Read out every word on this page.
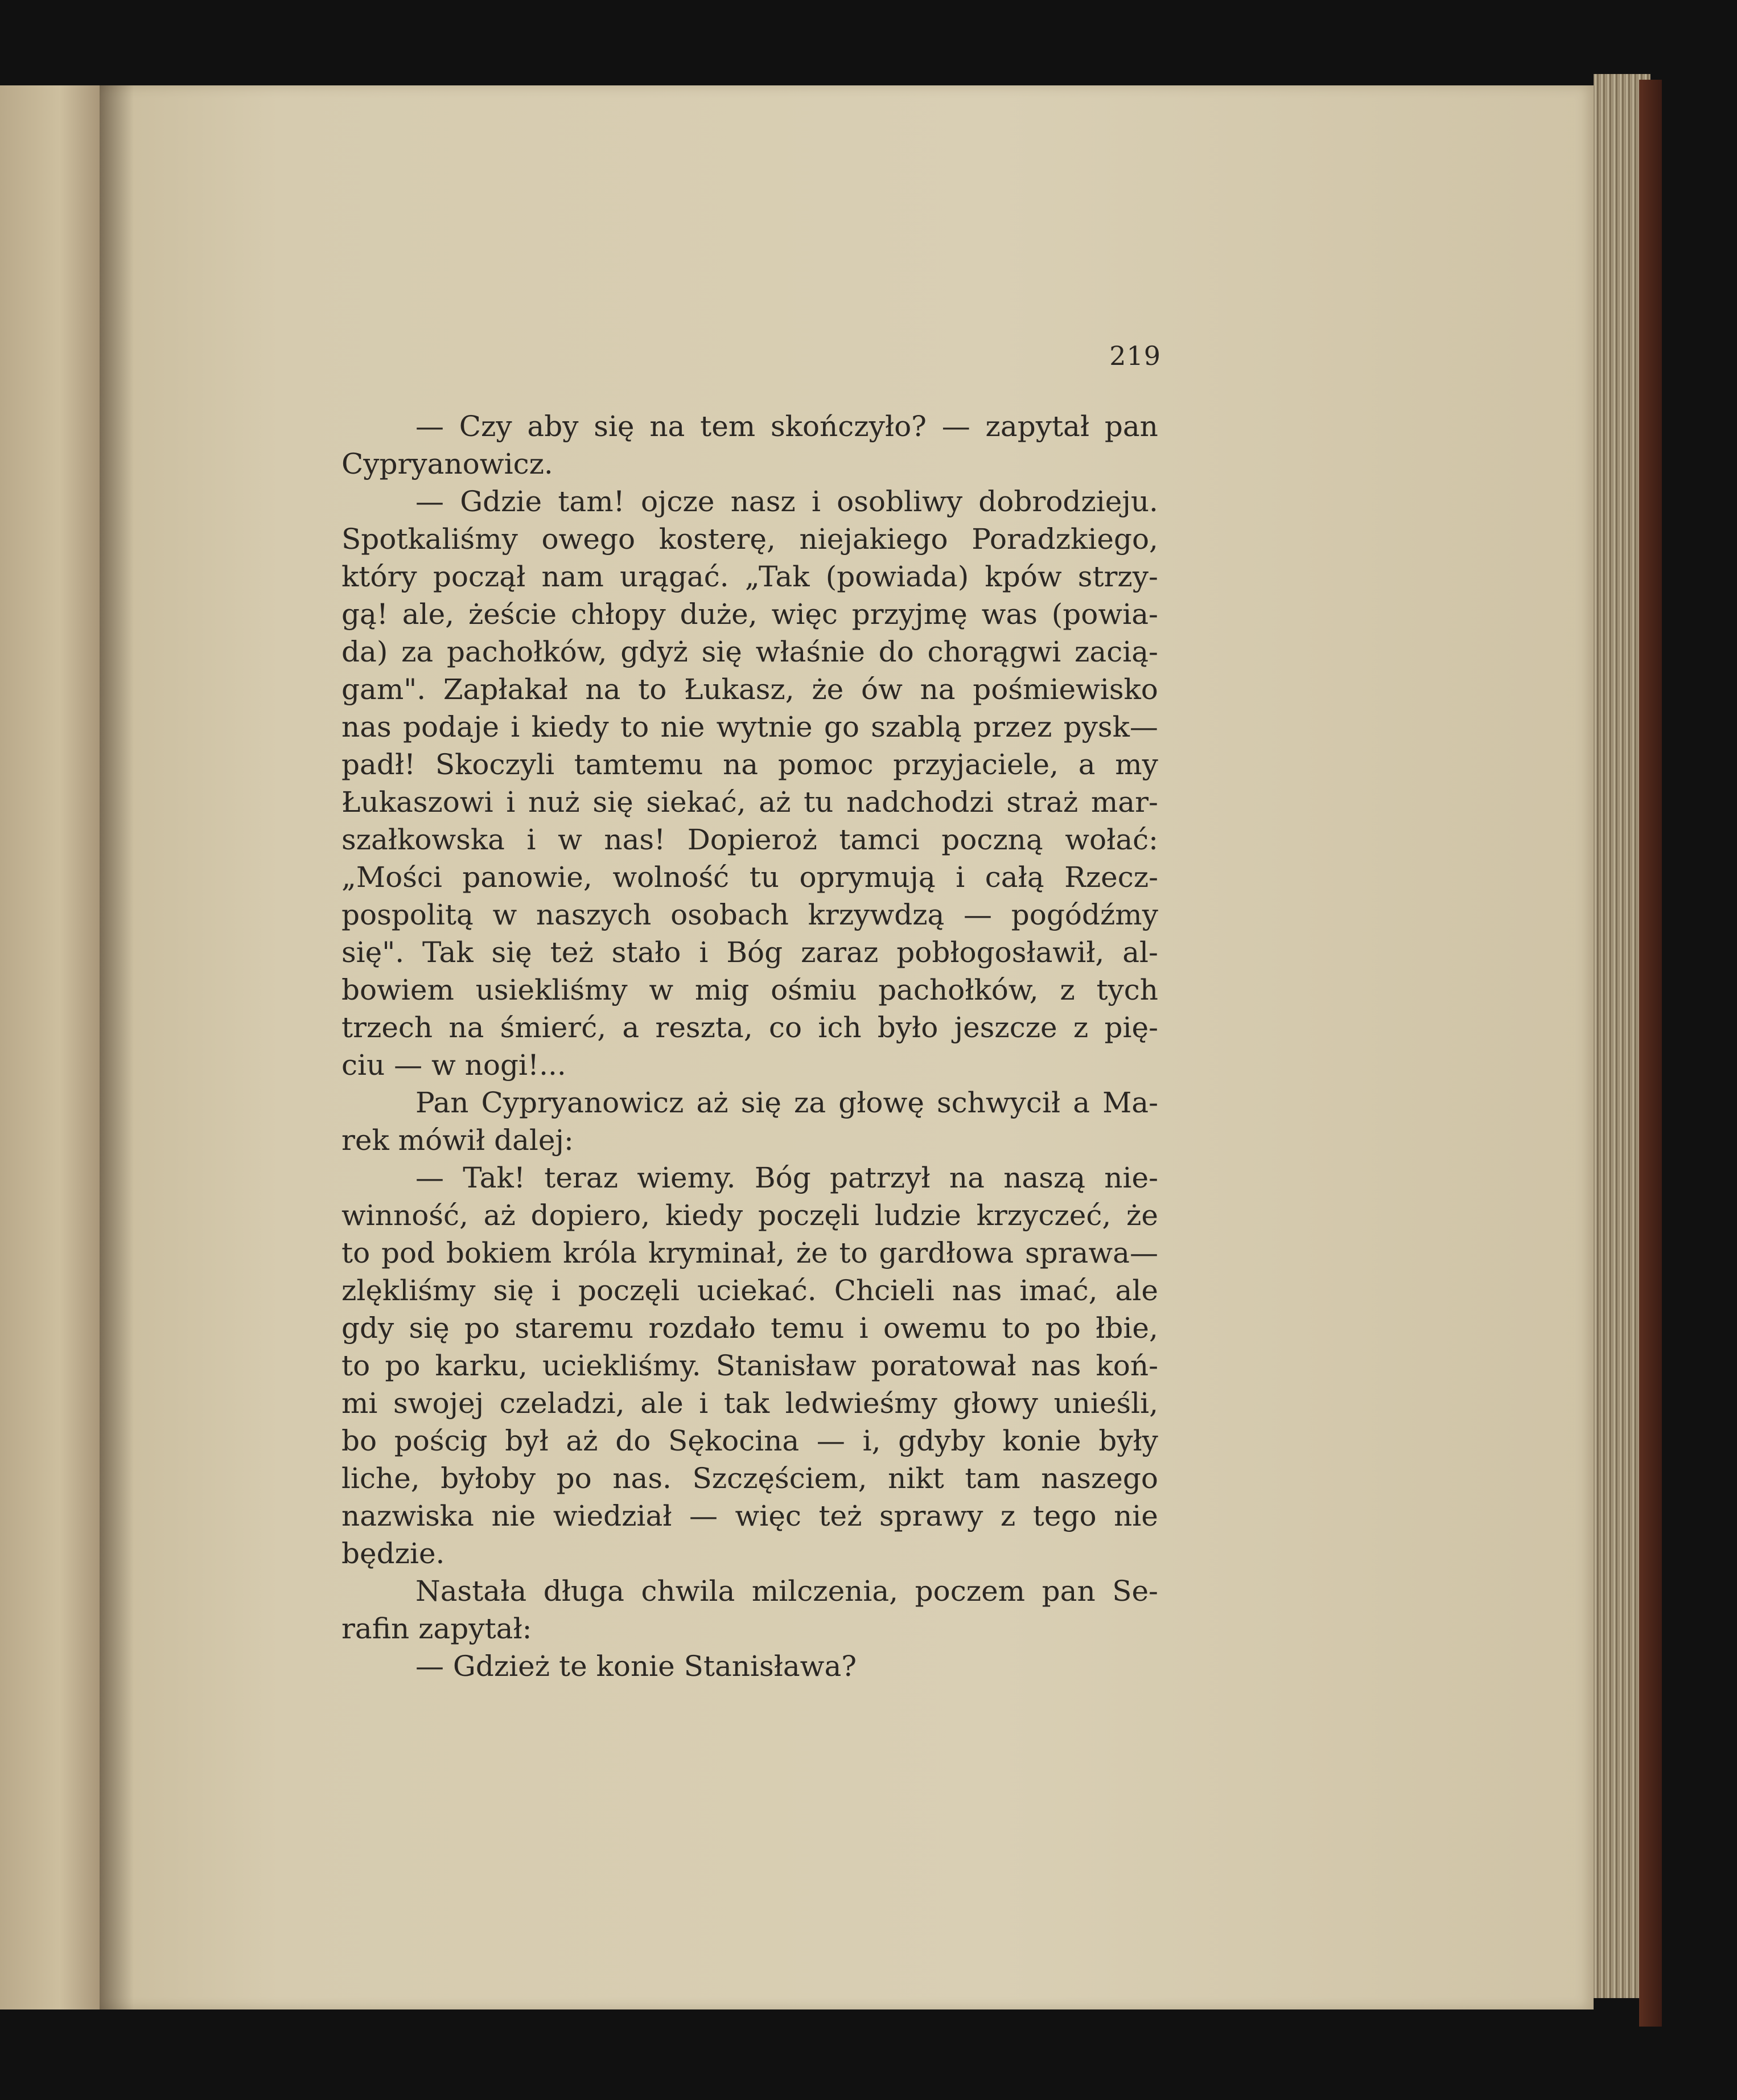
219
— Czy aby się na tem skończyło? — zapytał pan
Cypryanowicz.
— Gdzie tam! ojcze nasz i osobliwy dobrodzieju.
Spotkaliśmy owego kosterę, niejakiego Poradzkiego,
który począł nam urągać. „Tak (powiada) kpów strzy-
gą! ale, żeście chłopy duże, więc przyjmę was (powia-
da) za pachołków, gdyż się właśnie do chorągwi zacią-
gam". Zapłakał na to Łukasz, że ów na pośmiewisko
nas podaje i kiedy to nie wytnie go szablą przez pysk—
padł! Skoczyli tamtemu na pomoc przyjaciele, a my
Łukaszowi i nuż się siekać, aż tu nadchodzi straż mar-
szałkowska i w nas! Dopieroż tamci poczną wołać:
„Mości panowie, wolność tu oprymują i całą Rzecz-
pospolitą w naszych osobach krzywdzą — pogódźmy
się". Tak się też stało i Bóg zaraz pobłogosławił, al-
bowiem usiekliśmy w mig ośmiu pachołków, z tych
trzech na śmierć, a reszta, co ich było jeszcze z pię-
ciu — w nogi!...
Pan Cypryanowicz aż się za głowę schwycił a Ma-
rek mówił dalej:
— Tak! teraz wiemy. Bóg patrzył na naszą nie-
winność, aż dopiero, kiedy poczęli ludzie krzyczeć, że
to pod bokiem króla kryminał, że to gardłowa sprawa—
zlękliśmy się i poczęli uciekać. Chcieli nas imać, ale
gdy się po staremu rozdało temu i owemu to po łbie,
to po karku, uciekliśmy. Stanisław poratował nas koń-
mi swojej czeladzi, ale i tak ledwieśmy głowy unieśli,
bo pościg był aż do Sękocina — i, gdyby konie były
liche, byłoby po nas. Szczęściem, nikt tam naszego
nazwiska nie wiedział — więc też sprawy z tego nie
będzie.
Nastała długa chwila milczenia, poczem pan Se-
rafin zapytał:
— Gdzież te konie Stanisława?
